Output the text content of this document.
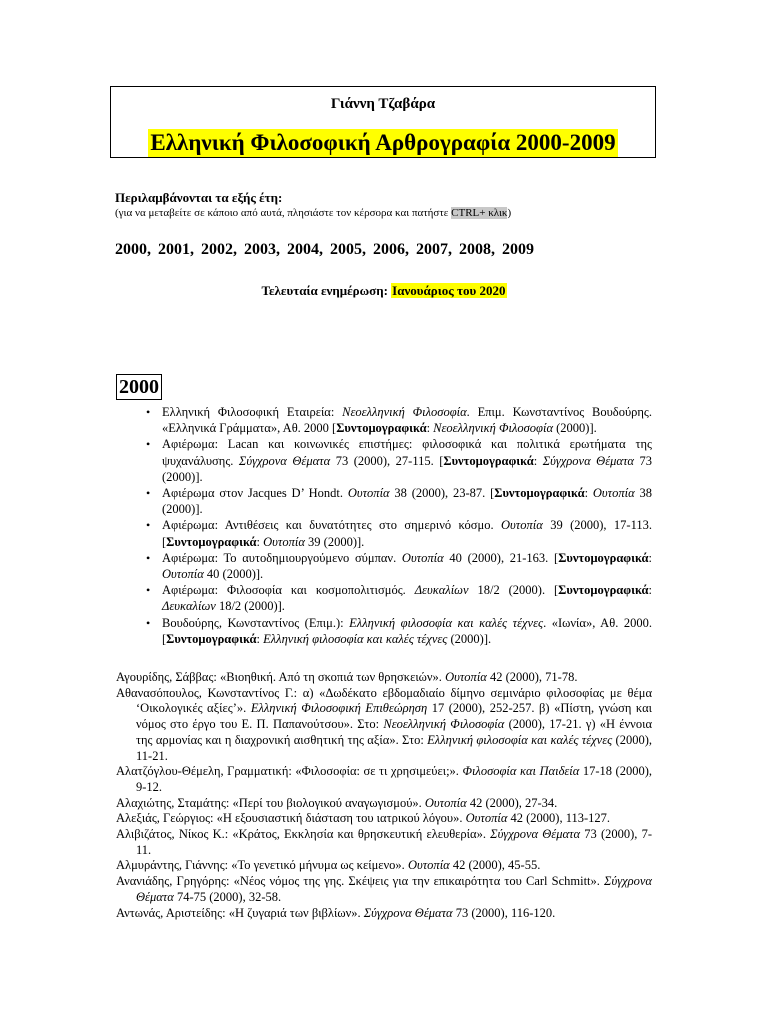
Γιάννη Τζαβάρα
Ελληνική Φιλοσοφική Αρθρογραφία 2000-2009
Περιλαμβάνονται τα εξής έτη:
(για να μεταβείτε σε κάποιο από αυτά, πλησιάστε τον κέρσορα και πατήστε CTRL+ κλικ)
2000, 2001, 2002, 2003, 2004, 2005, 2006, 2007, 2008, 2009
Τελευταία ενημέρωση: Ιανουάριος του 2020
2000
• Ελληνική Φιλοσοφική Εταιρεία: Νεοελληνική Φιλοσοφία. Επιμ. Κωνσταντίνος Βουδούρης. «Ελληνικά Γράμματα», Αθ. 2000 [Συντομογραφικά: Νεοελληνική Φιλοσοφία (2000)].
• Αφιέρωμα: Lacan και κοινωνικές επιστήμες: φιλοσοφικά και πολιτικά ερωτήματα της ψυχανάλυσης. Σύγχρονα Θέματα 73 (2000), 27-115. [Συντομογραφικά: Σύγχρονα Θέματα 73 (2000)].
• Αφιέρωμα στον Jacques D’ Hondt. Ουτοπία 38 (2000), 23-87. [Συντομογραφικά: Ουτοπία 38 (2000)].
• Αφιέρωμα: Αντιθέσεις και δυνατότητες στο σημερινό κόσμο. Ουτοπία 39 (2000), 17-113. [Συντομογραφικά: Ουτοπία 39 (2000)].
• Αφιέρωμα: Το αυτοδημιουργούμενο σύμπαν. Ουτοπία 40 (2000), 21-163. [Συντομογραφικά: Ουτοπία 40 (2000)].
• Αφιέρωμα: Φιλοσοφία και κοσμοπολιτισμός. Δευκαλίων 18/2 (2000). [Συντομογραφικά: Δευκαλίων 18/2 (2000)].
• Βουδούρης, Κωνσταντίνος (Επιμ.): Ελληνική φιλοσοφία και καλές τέχνες. «Ιωνία», Αθ. 2000. [Συντομογραφικά: Ελληνική φιλοσοφία και καλές τέχνες (2000)].

Αγουρίδης, Σάββας: «Βιοηθική. Από τη σκοπιά των θρησκειών». Ουτοπία 42 (2000), 71-78.

Αθανασόπουλος, Κωνσταντίνος Γ.: α) «Δωδέκατο εβδομαδιαίο δίμηνο σεμινάριο φιλοσοφίας με θέμα ‘Οικολογικές αξίες’». Ελληνική Φιλοσοφική Επιθεώρηση 17 (2000), 252-257. β) «Πίστη, γνώση και νόμος στο έργο του Ε. Π. Παπανούτσου». Στο: Νεοελληνική Φιλοσοφία (2000), 17-21. γ) «Η έννοια της αρμονίας και η διαχρονική αισθητική της αξία». Στο: Ελληνική φιλοσοφία και καλές τέχνες (2000), 11-21.

Αλατζόγλου-Θέμελη, Γραμματική: «Φιλοσοφία: σε τι χρησιμεύει;». Φιλοσοφία και Παιδεία 17-18 (2000), 9-12.

Αλαχιώτης, Σταμάτης: «Περί του βιολογικού αναγωγισμού». Ουτοπία 42 (2000), 27-34.

Αλεξιάς, Γεώργιος: «Η εξουσιαστική διάσταση του ιατρικού λόγου». Ουτοπία 42 (2000), 113-127.

Αλιβιζάτος, Νίκος Κ.: «Κράτος, Εκκλησία και θρησκευτική ελευθερία». Σύγχρονα Θέματα 73 (2000), 7-11.

Αλμυράντης, Γιάννης: «Το γενετικό μήνυμα ως κείμενο». Ουτοπία 42 (2000), 45-55.

Ανανιάδης, Γρηγόρης: «Νέος νόμος της γης. Σκέψεις για την επικαιρότητα του Carl Schmitt». Σύγχρονα Θέματα 74-75 (2000), 32-58.

Αντωνάς, Αριστείδης: «Η ζυγαριά των βιβλίων». Σύγχρονα Θέματα 73 (2000), 116-120.
